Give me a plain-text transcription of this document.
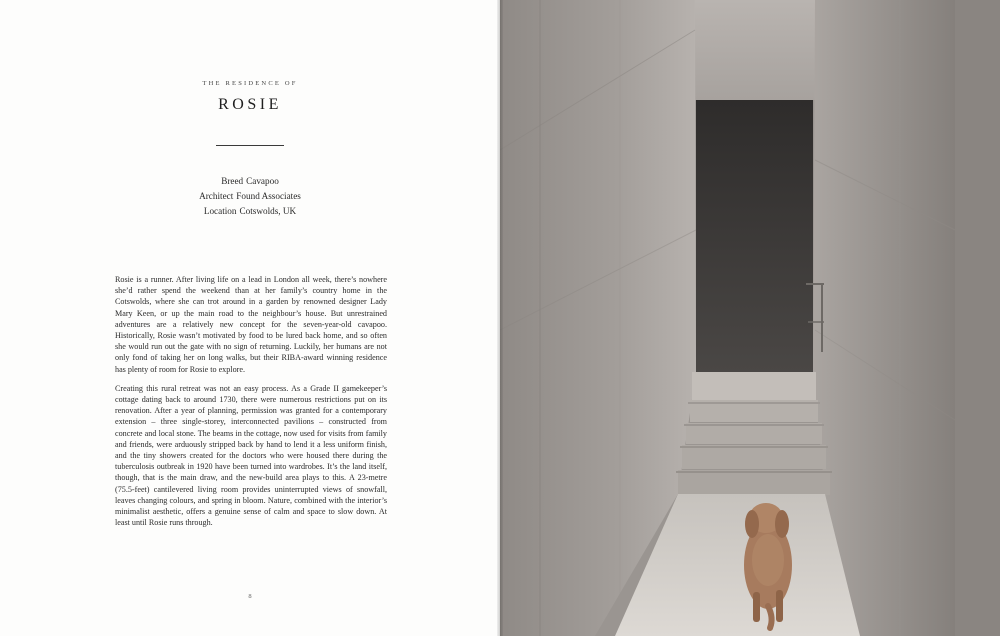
THE RESIDENCE OF
ROSIE
Breed Cavapoo
Architect Found Associates
Location Cotswolds, UK

Rosie is a runner. After living life on a lead in London all week, there’s nowhere she’d rather spend the weekend than at her family’s country home in the Cotswolds, where she can trot around in a garden by renowned designer Lady Mary Keen, or up the main road to the neighbour’s house. But unrestrained adventures are a relatively new concept for the seven-year-old cavapoo. Historically, Rosie wasn’t motivated by food to be lured back home, and so often she would run out the gate with no sign of returning. Luckily, her humans are not only fond of taking her on long walks, but their RIBA-award winning residence has plenty of room for Rosie to explore.

Creating this rural retreat was not an easy process. As a Grade II gamekeeper’s cottage dating back to around 1730, there were numerous restrictions put on its renovation. After a year of planning, permission was granted for a contemporary extension – three single-storey, interconnected pavilions – constructed from concrete and local stone. The beams in the cottage, now used for visits from family and friends, were arduously stripped back by hand to lend it a less uniform finish, and the tiny showers created for the doctors who were housed there during the tuberculosis outbreak in 1920 have been turned into wardrobes. It’s the land itself, though, that is the main draw, and the new-build area plays to this. A 23-metre (75.5-feet) cantilevered living room provides uninterrupted views of snowfall, leaves changing colours, and spring in bloom. Nature, combined with the interior’s minimalist aesthetic, offers a genuine sense of calm and space to slow down. At least until Rosie runs through.

8
